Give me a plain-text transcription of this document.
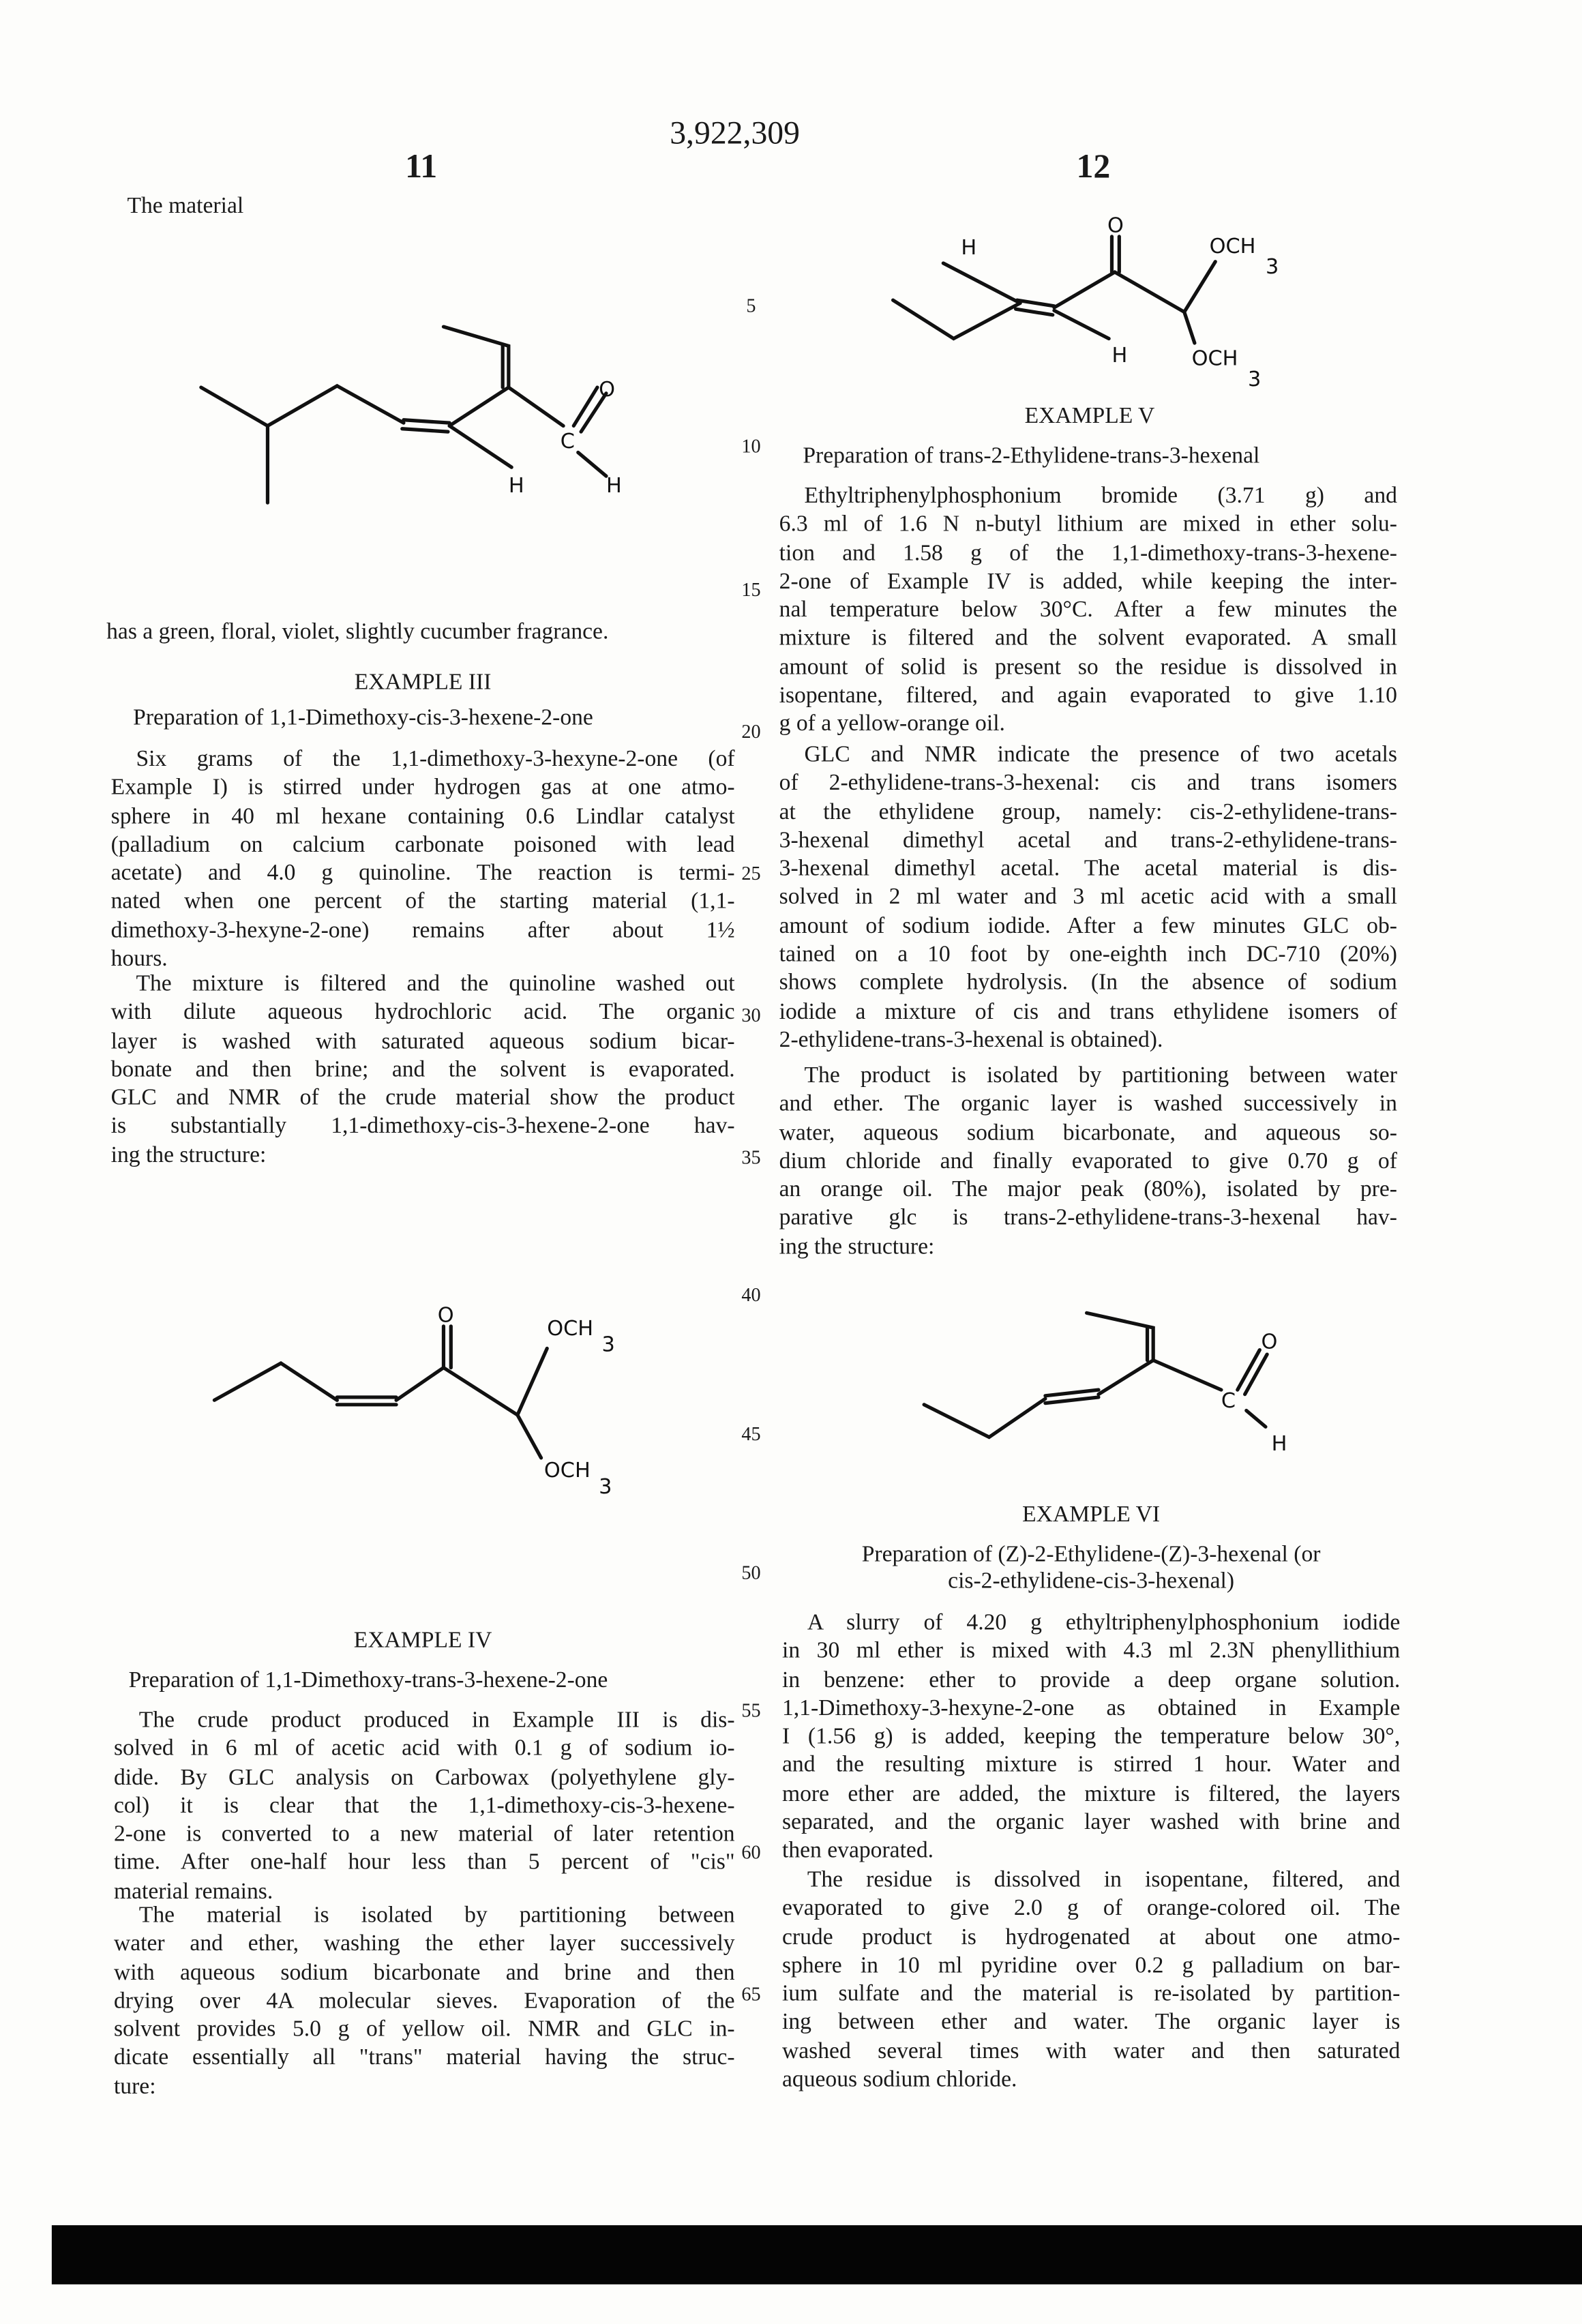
3,922,309
11	12
5
10
15
20
25
30
35
40
45
50
55
60
65
The material
has a green, floral, violet, slightly cucumber fragrance.
EXAMPLE III
Preparation of 1,1-Dimethoxy-cis-3-hexene-2-one
Six grams of the 1,1-dimethoxy-3-hexyne-2-one (of
Example I) is stirred under hydrogen gas at one atmo-
sphere in 40 ml hexane containing 0.6 Lindlar catalyst
(palladium on calcium carbonate poisoned with lead
acetate) and 4.0 g quinoline. The reaction is termi-
nated when one percent of the starting material (1,1-
dimethoxy-3-hexyne-2-one) remains after about 1½
hours.
The mixture is filtered and the quinoline washed out
with dilute aqueous hydrochloric acid. The organic
layer is washed with saturated aqueous sodium bicar-
bonate and then brine; and the solvent is evaporated.
GLC and NMR of the crude material show the product
is substantially 1,1-dimethoxy-cis-3-hexene-2-one hav-
ing the structure:
EXAMPLE IV
Preparation of 1,1-Dimethoxy-trans-3-hexene-2-one
The crude product produced in Example III is dis-
solved in 6 ml of acetic acid with 0.1 g of sodium io-
dide. By GLC analysis on Carbowax (polyethylene gly-
col) it is clear that the 1,1-dimethoxy-cis-3-hexene-
2-one is converted to a new material of later retention
time. After one-half hour less than 5 percent of "cis"
material remains.
The material is isolated by partitioning between
water and ether, washing the ether layer successively
with aqueous sodium bicarbonate and brine and then
drying over 4A molecular sieves. Evaporation of the
solvent provides 5.0 g of yellow oil. NMR and GLC in-
dicate essentially all "trans" material having the struc-
ture:
EXAMPLE V
Preparation of trans-2-Ethylidene-trans-3-hexenal
Ethyltriphenylphosphonium bromide (3.71 g) and
6.3 ml of 1.6 N n-butyl lithium are mixed in ether solu-
tion and 1.58 g of the 1,1-dimethoxy-trans-3-hexene-
2-one of Example IV is added, while keeping the inter-
nal temperature below 30°C. After a few minutes the
mixture is filtered and the solvent evaporated. A small
amount of solid is present so the residue is dissolved in
isopentane, filtered, and again evaporated to give 1.10
g of a yellow-orange oil.
GLC and NMR indicate the presence of two acetals
of 2-ethylidene-trans-3-hexenal: cis and trans isomers
at the ethylidene group, namely: cis-2-ethylidene-trans-
3-hexenal dimethyl acetal and trans-2-ethylidene-trans-
3-hexenal dimethyl acetal. The acetal material is dis-
solved in 2 ml water and 3 ml acetic acid with a small
amount of sodium iodide. After a few minutes GLC ob-
tained on a 10 foot by one-eighth inch DC-710 (20%)
shows complete hydrolysis. (In the absence of sodium
iodide a mixture of cis and trans ethylidene isomers of
2-ethylidene-trans-3-hexenal is obtained).
The product is isolated by partitioning between water
and ether. The organic layer is washed successively in
water, aqueous sodium bicarbonate, and aqueous so-
dium chloride and finally evaporated to give 0.70 g of
an orange oil. The major peak (80%), isolated by pre-
parative glc is trans-2-ethylidene-trans-3-hexenal hav-
ing the structure:
EXAMPLE VI
Preparation of (Z)-2-Ethylidene-(Z)-3-hexenal (or
cis-2-ethylidene-cis-3-hexenal)
A slurry of 4.20 g ethyltriphenylphosphonium iodide
in 30 ml ether is mixed with 4.3 ml 2.3N phenyllithium
in benzene: ether to provide a deep organe solution.
1,1-Dimethoxy-3-hexyne-2-one as obtained in Example
I (1.56 g) is added, keeping the temperature below 30°,
and the resulting mixture is stirred 1 hour. Water and
more ether are added, the mixture is filtered, the layers
separated, and the organic layer washed with brine and
then evaporated.
The residue is dissolved in isopentane, filtered, and
evaporated to give 2.0 g of orange-colored oil. The
crude product is hydrogenated at about one atmo-
sphere in 10 ml pyridine over 0.2 g palladium on bar-
ium sulfate and the material is re-isolated by partition-
ing between ether and water. The organic layer is
washed several times with water and then saturated
aqueous sodium chloride.
C
O
H	H
O
OCH
3
OCH
3
O
H
H
OCH
3
OCH
3
C
O
H
